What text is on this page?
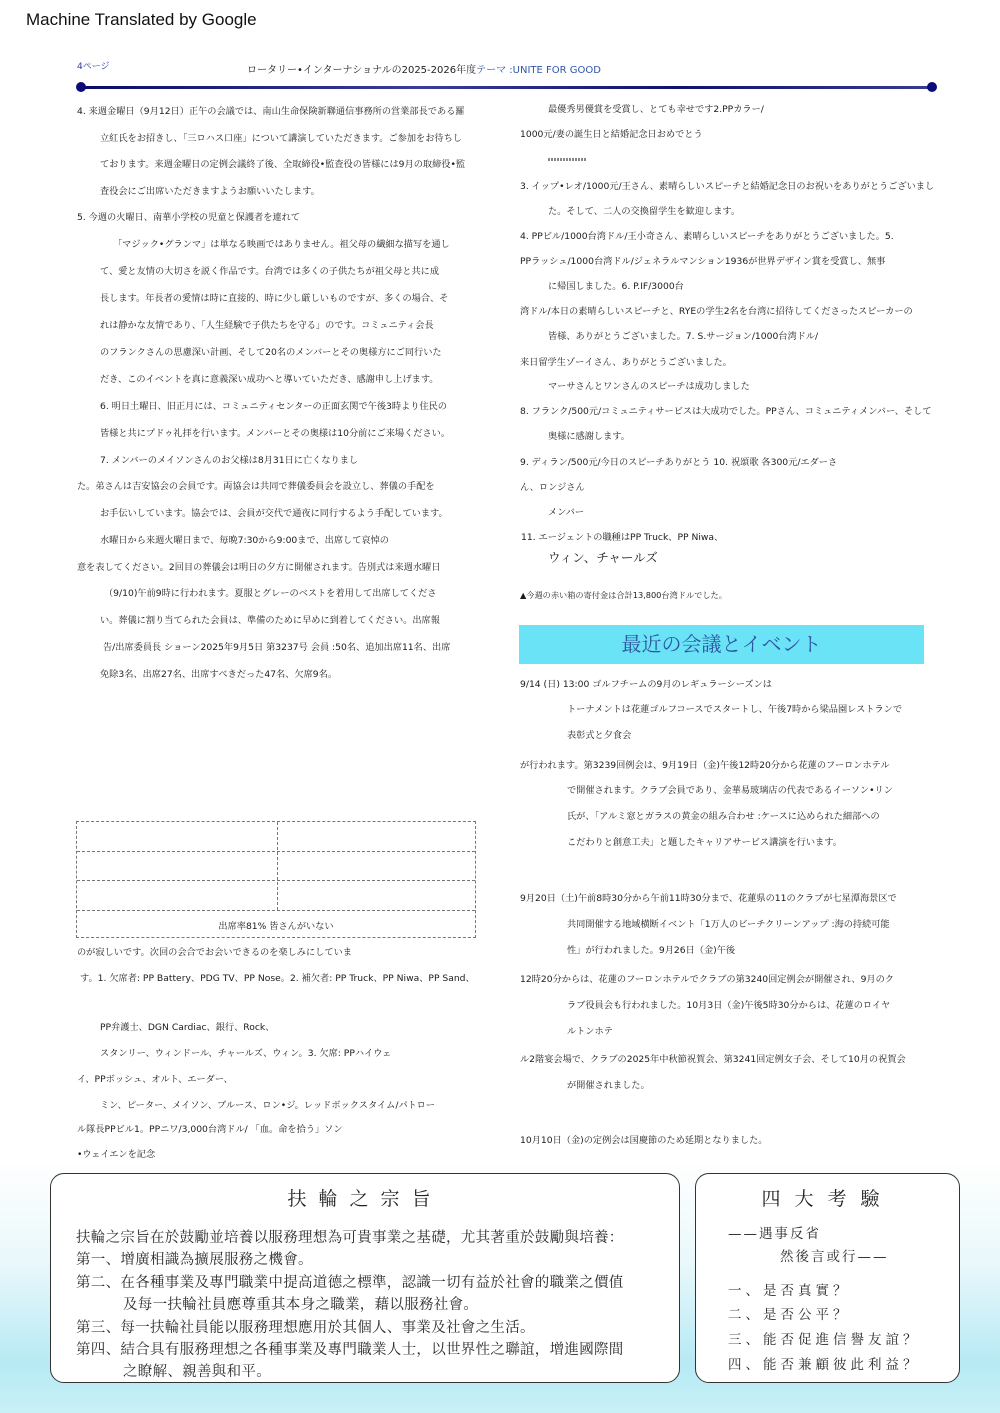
Machine Translated by Google
4ページ	ロータリー•インターナショナルの2025-2026年度テーマ :UNITE FOR GOOD
4. 来週金曜日（9月12日）正午の会議では、南山生命保険新聯通信事務所の営業部長である羅
立紅氏をお招きし、「三ロハス口座」について講演していただきます。ご参加をお待ちし
ております。来週金曜日の定例会議終了後、全取締役•監査役の皆様には9月の取締役•監
査役会にご出席いただきますようお願いいたします。
5. 今週の火曜日、南華小学校の児童と保護者を連れて
「マジック•グランマ」は単なる映画ではありません。祖父母の繊細な描写を通し
て、愛と友情の大切さを説く作品です。台湾では多くの子供たちが祖父母と共に成
長します。年長者の愛情は時に直接的、時に少し厳しいものですが、多くの場合、そ
れは静かな友情であり、「人生経験で子供たちを守る」のです。コミュニティ会長
のフランクさんの思慮深い計画、そして20名のメンバーとその奥様方にご同行いた
だき、このイベントを真に意義深い成功へと導いていただき、感謝申し上げます。
6. 明日土曜日、旧正月には、コミュニティセンターの正面玄関で午後3時より住民の
皆様と共にプドゥ礼拝を行います。メンバーとその奥様は10分前にご来場ください。
7. メンバーのメイソンさんのお父様は8月31日に亡くなりまし
た。弟さんは吉安協会の会員です。両協会は共同で葬儀委員会を設立し、葬儀の手配を
お手伝いしています。協会では、会員が交代で通夜に同行するよう手配しています。
水曜日から来週火曜日まで、毎晩7:30から9:00まで、出席して哀悼の
意を表してください。2回目の葬儀会は明日の夕方に開催されます。告別式は来週水曜日
（9/10)午前9時に行われます。夏服とグレーのベストを着用して出席してくださ
い。葬儀に割り当てられた会員は、準備のために早めに到着してください。出席報
告/出席委員長 ショーン2025年9月5日 第3237号 会員 :50名、追加出席11名、出席
免除3名、出席27名、出席すべきだった47名、欠席9名。
出席率81% 皆さんがいない
のが寂しいです。次回の会合でお会いできるのを楽しみにしていま
す。1. 欠席者: PP Battery、PDG TV、PP Nose。2. 補欠者: PP Truck、PP Niwa、PP Sand、
PP弁護士、DGN Cardiac、銀行、Rock、
スタンリー、ウィンドール、チャールズ、ウィン。3. 欠席: PPハイウェ
イ、PPボッシュ、オルト、エーダー、
ミン、ピーター、メイソン、ブルース、ロン•ジ。レッドボックスタイム/パトロー
ル隊長PPビル1。PPニワ/3,000台湾ドル/ 「血。命を拾う」ソン
•ウェイエンを記念
最優秀男優賞を受賞し、とても幸せです2.PPカラー/
1000元/妻の誕生日と結婚記念日おめでとう
3. イップ•レオ/1000元/王さん、素晴らしいスピーチと結婚記念日のお祝いをありがとうございまし
た。そして、二人の交換留学生を歓迎します。
4. PPビル/1000台湾ドル/王小奇さん、素晴らしいスピーチをありがとうございました。5.
PPラッシュ/1000台湾ドル/ジェネラルマンション1936が世界デザイン賞を受賞し、無事
に帰国しました。6. P.IF/3000台
湾ドル/本日の素晴らしいスピーチと、RYEの学生2名を台湾に招待してくださったスピーカーの
皆様、ありがとうございました。7. S.サージョン/1000台湾ドル/
来日留学生ゾーイさん、ありがとうございました。
マーサさんとワンさんのスピーチは成功しました
8. フランク/500元/コミュニティサービスは大成功でした。PPさん、コミュニティメンバー、そして
奥様に感謝します。
9. ディラン/500元/今日のスピーチありがとう 10. 祝頌歌 各300元/エダーさ
ん、ロンジさん
メンバー
11. エージェントの職種はPP Truck、PP Niwa、
ウィン、チャールズ
▲今週の赤い箱の寄付金は合計13,800台湾ドルでした。
最近の会議とイベント
9/14 (日) 13:00 ゴルフチームの9月のレギュラーシーズンは
トーナメントは花蓮ゴルフコースでスタートし、午後7時から梁品園レストランで
表彰式と夕食会
が行われます。第3239回例会は、9月19日（金)午後12時20分から花蓮のフーロンホテル
で開催されます。クラブ会員であり、金華易玻璃店の代表であるイーソン•リン
氏が、「アルミ窓とガラスの黄金の組み合わせ :ケースに込められた細部への
こだわりと創意工夫」と題したキャリアサービス講演を行います。
9月20日（土)午前8時30分から午前11時30分まで、花蓮県の11のクラブが七星潭海景区で
共同開催する地域横断イベント「1万人のビーチクリーンアップ :海の持続可能
性」が行われました。9月26日（金)午後
12時20分からは、花蓮のフーロンホテルでクラブの第3240回定例会が開催され、9月のク
ラブ役員会も行われました。10月3日（金)午後5時30分からは、花蓮のロイヤ
ルトンホテ
ル2階宴会場で、クラブの2025年中秋節祝賀会、第3241回定例女子会、そして10月の祝賀会
が開催されました。
10月10日（金)の定例会は国慶節のため延期となりました。
扶輪之宗旨
扶輪之宗旨在於鼓勵並培養以服務理想為可貴事業之基礎，尤其著重於鼓勵與培養：
第一、增廣相識為擴展服務之機會。
第二、在各種事業及專門職業中提高道德之標準，認識一切有益於社會的職業之價值
及每一扶輪社員應尊重其本身之職業，藉以服務社會。
第三、每一扶輪社員能以服務理想應用於其個人、事業及社會之生活。
第四、結合具有服務理想之各種事業及專門職業人士，以世界性之聯誼，增進國際間
之瞭解、親善與和平。
四大考驗
——遇事反省
然後言或行——
一、是否真實？
二、是否公平？
三、能否促進信譽友誼？
四、能否兼顧彼此利益？
